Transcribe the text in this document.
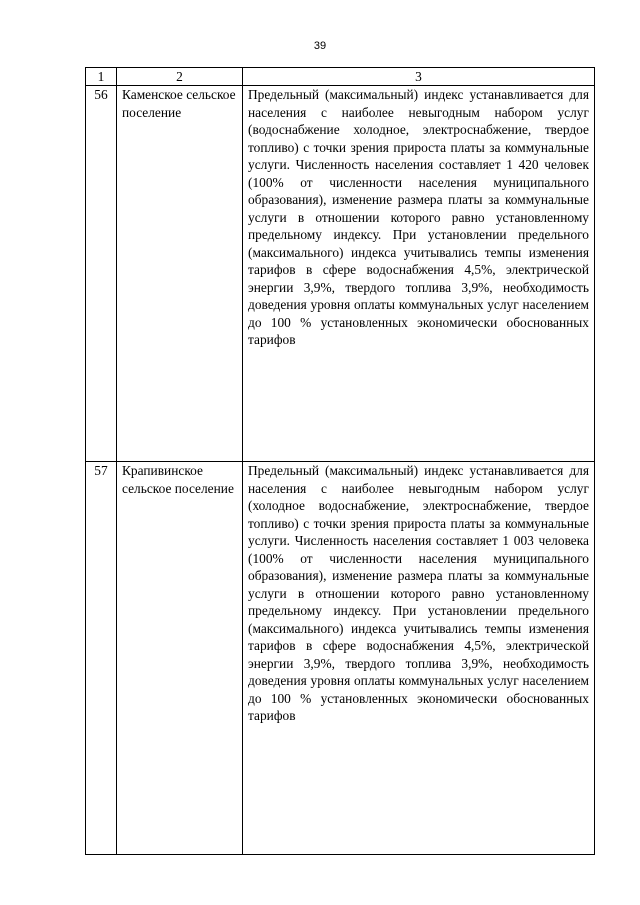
39
1	2	3
56	Каменское сельское поселение	Предельный (максимальный) индекс устанавливается для населения с наиболее невыгодным набором услуг (водоснабжение холодное, электроснабжение, твердое топливо) с точки зрения прироста платы за коммунальные услуги. Численность населения составляет 1 420 человек (100% от численности населения муниципального образования), изменение размера платы за коммунальные услуги в отношении которого равно установленному предельному индексу. При установлении предельного (максимального) индекса учитывались темпы изменения тарифов в сфере водоснабжения 4,5%, электрической энергии 3,9%, твердого топлива 3,9%, необходимость доведения уровня оплаты коммунальных услуг населением до 100 % установленных экономически обоснованных тарифов
57	Крапивинское сельское поселение	Предельный (максимальный) индекс устанавливается для населения с наиболее невыгодным набором услуг (холодное водоснабжение, электроснабжение, твердое топливо) с точки зрения прироста платы за коммунальные услуги. Численность населения составляет 1 003 человека (100% от численности населения муниципального образования), изменение размера платы за коммунальные услуги в отношении которого равно установленному предельному индексу. При установлении предельного (максимального) индекса учитывались темпы изменения тарифов в сфере водоснабжения 4,5%, электрической энергии 3,9%, твердого топлива 3,9%, необходимость доведения уровня оплаты коммунальных услуг населением до 100 % установленных экономически обоснованных тарифов
